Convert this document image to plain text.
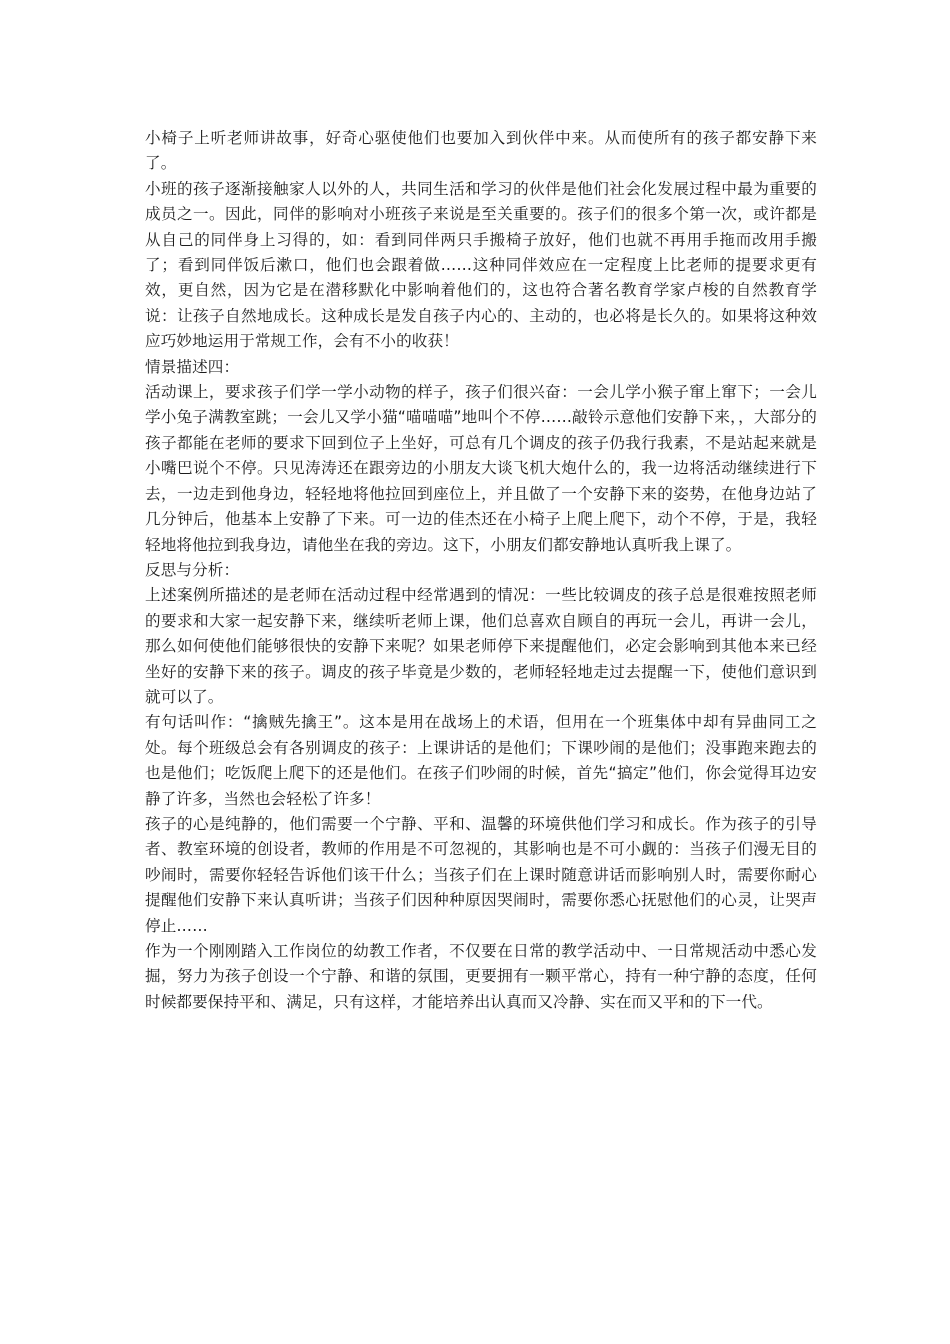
小椅子上听老师讲故事，好奇心驱使他们也要加入到伙伴中来。从而使所有的孩子都安静下来了。

小班的孩子逐渐接触家人以外的人，共同生活和学习的伙伴是他们社会化发展过程中最为重要的成员之一。因此，同伴的影响对小班孩子来说是至关重要的。孩子们的很多个第一次，或许都是从自己的同伴身上习得的，如：看到同伴两只手搬椅子放好，他们也就不再用手拖而改用手搬了；看到同伴饭后漱口，他们也会跟着做……这种同伴效应在一定程度上比老师的提要求更有效，更自然，因为它是在潜移默化中影响着他们的，这也符合著名教育学家卢梭的自然教育学说：让孩子自然地成长。这种成长是发自孩子内心的、主动的，也必将是长久的。如果将这种效应巧妙地运用于常规工作，会有不小的收获！

情景描述四：

活动课上，要求孩子们学一学小动物的样子，孩子们很兴奋：一会儿学小猴子窜上窜下；一会儿学小兔子满教室跳；一会儿又学小猫“喵喵喵”地叫个不停……敲铃示意他们安静下来，，大部分的孩子都能在老师的要求下回到位子上坐好，可总有几个调皮的孩子仍我行我素，不是站起来就是小嘴巴说个不停。只见涛涛还在跟旁边的小朋友大谈飞机大炮什么的，我一边将活动继续进行下去，一边走到他身边，轻轻地将他拉回到座位上，并且做了一个安静下来的姿势，在他身边站了几分钟后，他基本上安静了下来。可一边的佳杰还在小椅子上爬上爬下，动个不停，于是，我轻轻地将他拉到我身边，请他坐在我的旁边。这下，小朋友们都安静地认真听我上课了。

反思与分析：

上述案例所描述的是老师在活动过程中经常遇到的情况：一些比较调皮的孩子总是很难按照老师的要求和大家一起安静下来，继续听老师上课，他们总喜欢自顾自的再玩一会儿，再讲一会儿，那么如何使他们能够很快的安静下来呢？如果老师停下来提醒他们，必定会影响到其他本来已经坐好的安静下来的孩子。调皮的孩子毕竟是少数的，老师轻轻地走过去提醒一下，使他们意识到就可以了。

有句话叫作：“擒贼先擒王”。这本是用在战场上的术语，但用在一个班集体中却有异曲同工之处。每个班级总会有各别调皮的孩子：上课讲话的是他们；下课吵闹的是他们；没事跑来跑去的也是他们；吃饭爬上爬下的还是他们。在孩子们吵闹的时候，首先“搞定”他们，你会觉得耳边安静了许多，当然也会轻松了许多！

孩子的心是纯静的，他们需要一个宁静、平和、温馨的环境供他们学习和成长。作为孩子的引导者、教室环境的创设者，教师的作用是不可忽视的，其影响也是不可小觑的：当孩子们漫无目的吵闹时，需要你轻轻告诉他们该干什么；当孩子们在上课时随意讲话而影响别人时，需要你耐心提醒他们安静下来认真听讲；当孩子们因种种原因哭闹时，需要你悉心抚慰他们的心灵，让哭声停止……

作为一个刚刚踏入工作岗位的幼教工作者，不仅要在日常的教学活动中、一日常规活动中悉心发掘，努力为孩子创设一个宁静、和谐的氛围，更要拥有一颗平常心，持有一种宁静的态度，任何时候都要保持平和、满足，只有这样，才能培养出认真而又冷静、实在而又平和的下一代。
